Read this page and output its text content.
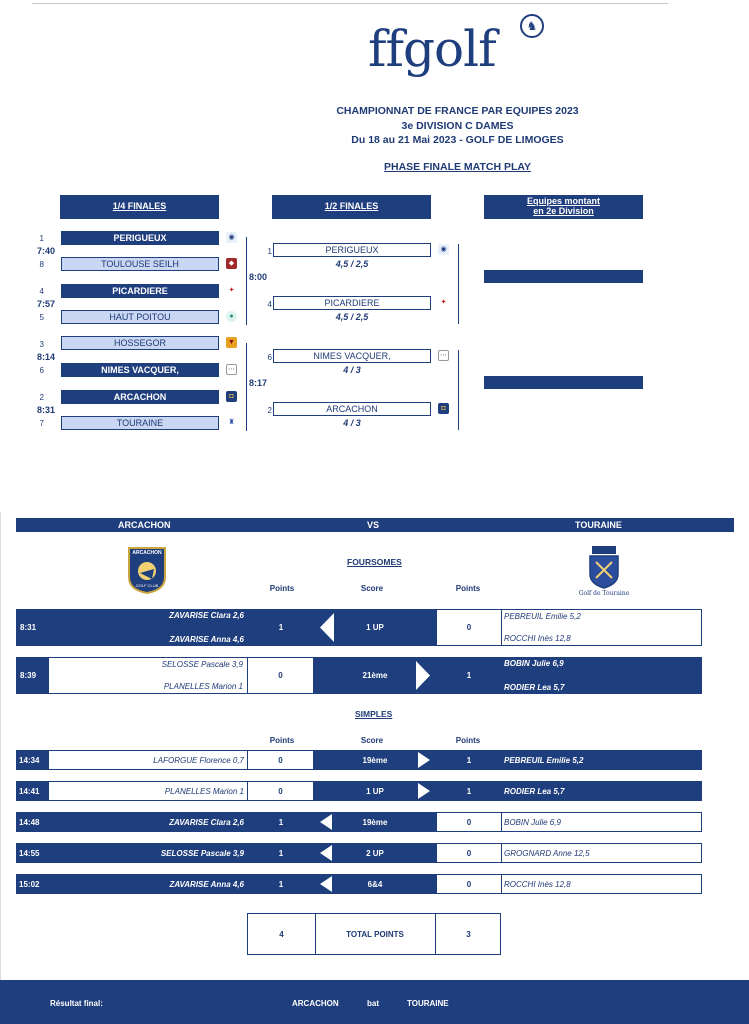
ffgolf	♞
CHAMPIONNAT DE FRANCE PAR EQUIPES 2023
3e DIVISION C DAMES
Du 18 au 21 Mai 2023 - GOLF DE LIMOGES
PHASE FINALE MATCH PLAY
1/4 FINALES	1/2 FINALES	Equipes montant
en 2e Division
1	PERIGUEUX	◉
7:40
8	TOULOUSE SEILH	◆
4	PICARDIERE	✦
7:57
5	HAUT POITOU	●
3	HOSSEGOR	▼
8:14
6	NIMES VACQUER,	⋯
2	ARCACHON	◘
8:31
7	TOURAINE	♜
1	PERIGUEUX	◉
4,5 / 2,5
8:00
4	PICARDIERE	✦
4,5 / 2,5
6	NIMES VACQUER,	⋯
4 / 3
8:17
2	ARCACHON	◘
4 / 3
ARCACHON	VS	TOURAINE
ARCACHON
GOLF CLUB
Golf de Touraine
FOURSOMES
Points	Score	Points
8:31
ZAVARISE Clara 2,6
ZAVARISE Anna 4,6
1	1 UP	0
PEBREUIL Emilie 5,2
ROCCHI Inès 12,8
8:39
SELOSSE Pascale 3,9
PLANELLES Marion 1
0	21ème	1
BOBIN Julie 6,9
RODIER Lea 5,7
SIMPLES
Points	Score	Points
14:34	LAFORGUE Florence 0,7	0	19ème	1	PEBREUIL Emilie 5,2
14:41	PLANELLES Marion 1	0	1 UP	1	RODIER Lea 5,7
14:48	ZAVARISE Clara 2,6	1	19ème	0	BOBIN Julie 6,9
14:55	SELOSSE Pascale 3,9	1	2 UP	0	GROGNARD Anne 12,5
15:02	ZAVARISE Anna 4,6	1	6&4	0	ROCCHI Inès 12,8
4	TOTAL POINTS	3
Résultat final:	ARCACHON	bat	TOURAINE
